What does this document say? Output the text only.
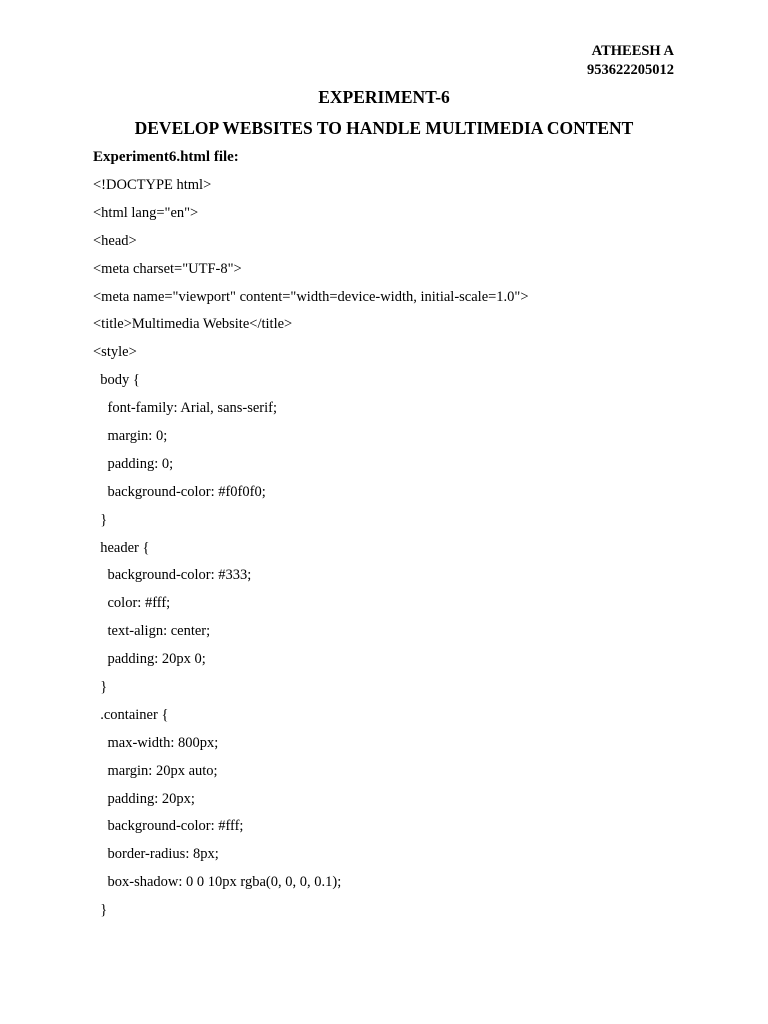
ATHEESH A
953622205012
EXPERIMENT-6
DEVELOP WEBSITES TO HANDLE MULTIMEDIA CONTENT
Experiment6.html file:
<!DOCTYPE html>
<html lang="en">
<head>
<meta charset="UTF-8">
<meta name="viewport" content="width=device-width, initial-scale=1.0">
<title>Multimedia Website</title>
<style>
body {
font-family: Arial, sans-serif;
margin: 0;
padding: 0;
background-color: #f0f0f0;
}
header {
background-color: #333;
color: #fff;
text-align: center;
padding: 20px 0;
}
.container {
max-width: 800px;
margin: 20px auto;
padding: 20px;
background-color: #fff;
border-radius: 8px;
box-shadow: 0 0 10px rgba(0, 0, 0, 0.1);
}
